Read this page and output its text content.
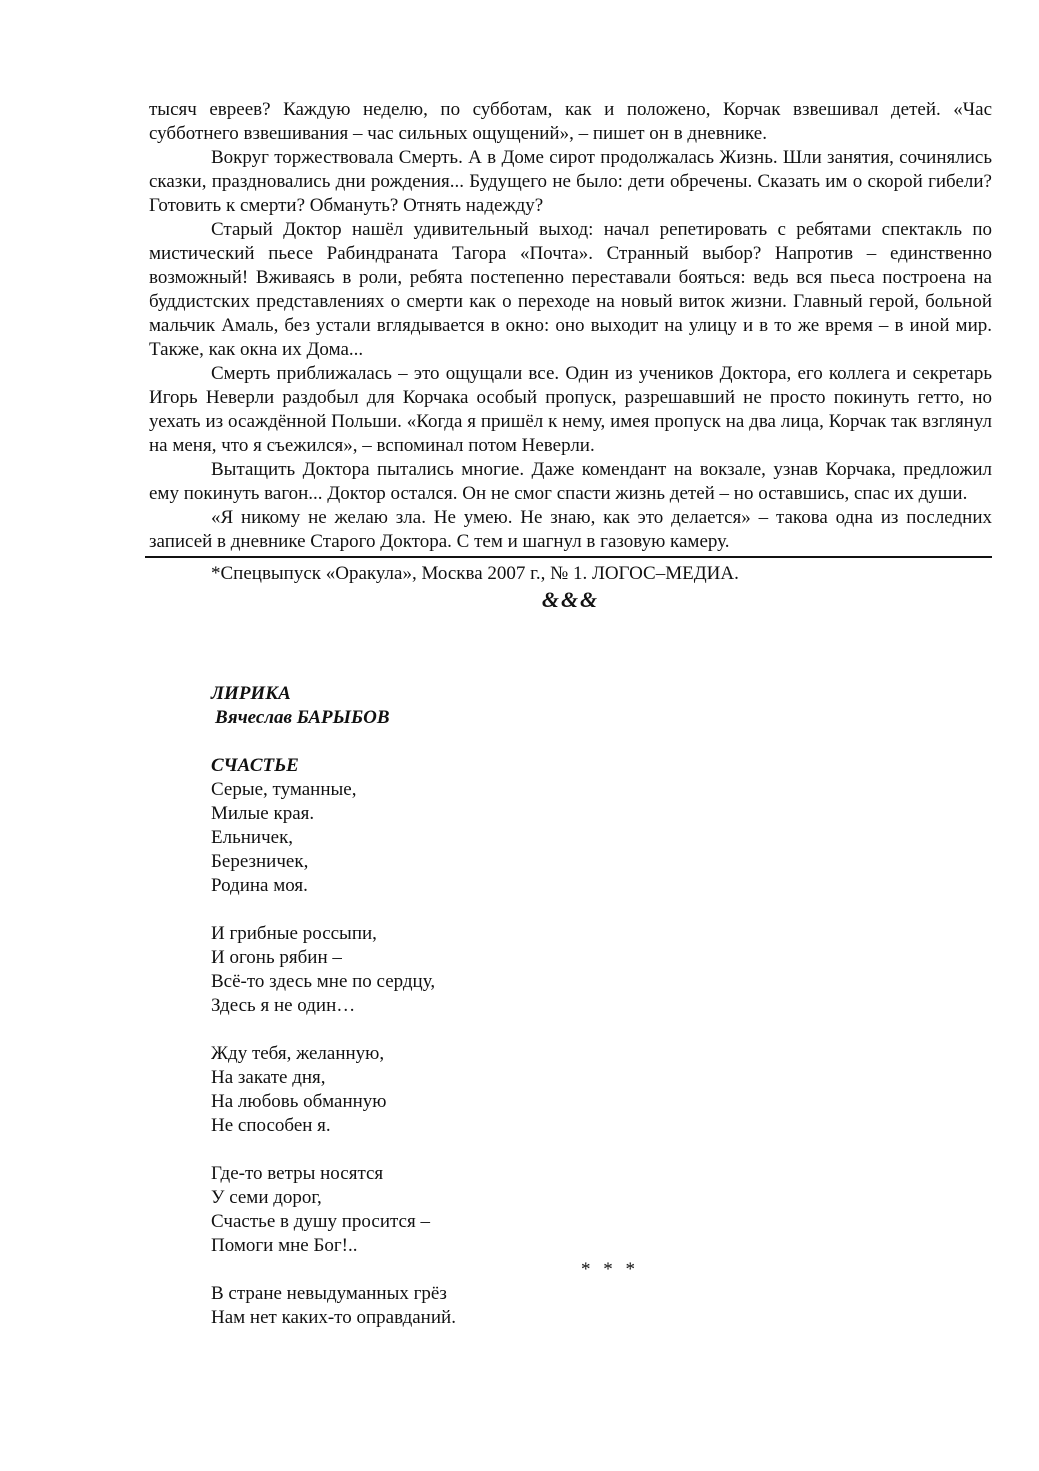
тысяч евреев? Каждую неделю, по субботам, как и положено, Корчак взвешивал детей. «Час субботнего взвешивания – час сильных ощущений», – пишет он в дневнике.

Вокруг торжествовала Смерть. А в Доме сирот продолжалась Жизнь. Шли занятия, сочинялись сказки, праздновались дни рождения... Будущего не было: дети обречены. Сказать им о скорой гибели? Готовить к смерти? Обмануть? Отнять надежду?

Старый Доктор нашёл удивительный выход: начал репетировать с ребятами спектакль по мистический пьесе Рабиндраната Тагора «Почта». Странный выбор? Напротив – единственно возможный! Вживаясь в роли, ребята постепенно переставали бояться: ведь вся пьеса построена на буддистских представлениях о смерти как о переходе на новый виток жизни. Главный герой, больной мальчик Амаль, без устали вглядывается в окно: оно выходит на улицу и в то же время – в иной мир. Также, как окна их Дома...

Смерть приближалась – это ощущали все. Один из учеников Доктора, его коллега и секретарь Игорь Неверли раздобыл для Корчака особый пропуск, разрешавший не просто покинуть гетто, но уехать из осаждённой Польши. «Когда я пришёл к нему, имея пропуск на два лица, Корчак так взглянул на меня, что я съежился», – вспоминал потом Неверли.

Вытащить Доктора пытались многие. Даже комендант на вокзале, узнав Корчака, предложил ему покинуть вагон... Доктор остался. Он не смог спасти жизнь детей – но оставшись, спас их души.

«Я никому не желаю зла. Не умею. Не знаю, как это делается» – такова одна из последних записей в дневнике Старого Доктора. С тем и шагнул в газовую камеру.

*Спецвыпуск «Оракула», Москва 2007 г., № 1. ЛОГОС–МЕДИА.
&&&
ЛИРИКА
Вячеслав БАРЫБОВ
СЧАСТЬЕ
Серые, туманные,
Милые края.
Ельничек,
Березничек,
Родина моя.
И грибные россыпи,
И огонь рябин –
Всё-то здесь мне по сердцу,
Здесь я не один…
Жду тебя, желанную,
На закате дня,
На любовь обманную
Не способен я.
Где-то ветры носятся
У семи дорог,
Счастье в душу просится –
Помоги мне Бог!..
* * *
В стране невыдуманных грёз
Нам нет каких-то оправданий.
